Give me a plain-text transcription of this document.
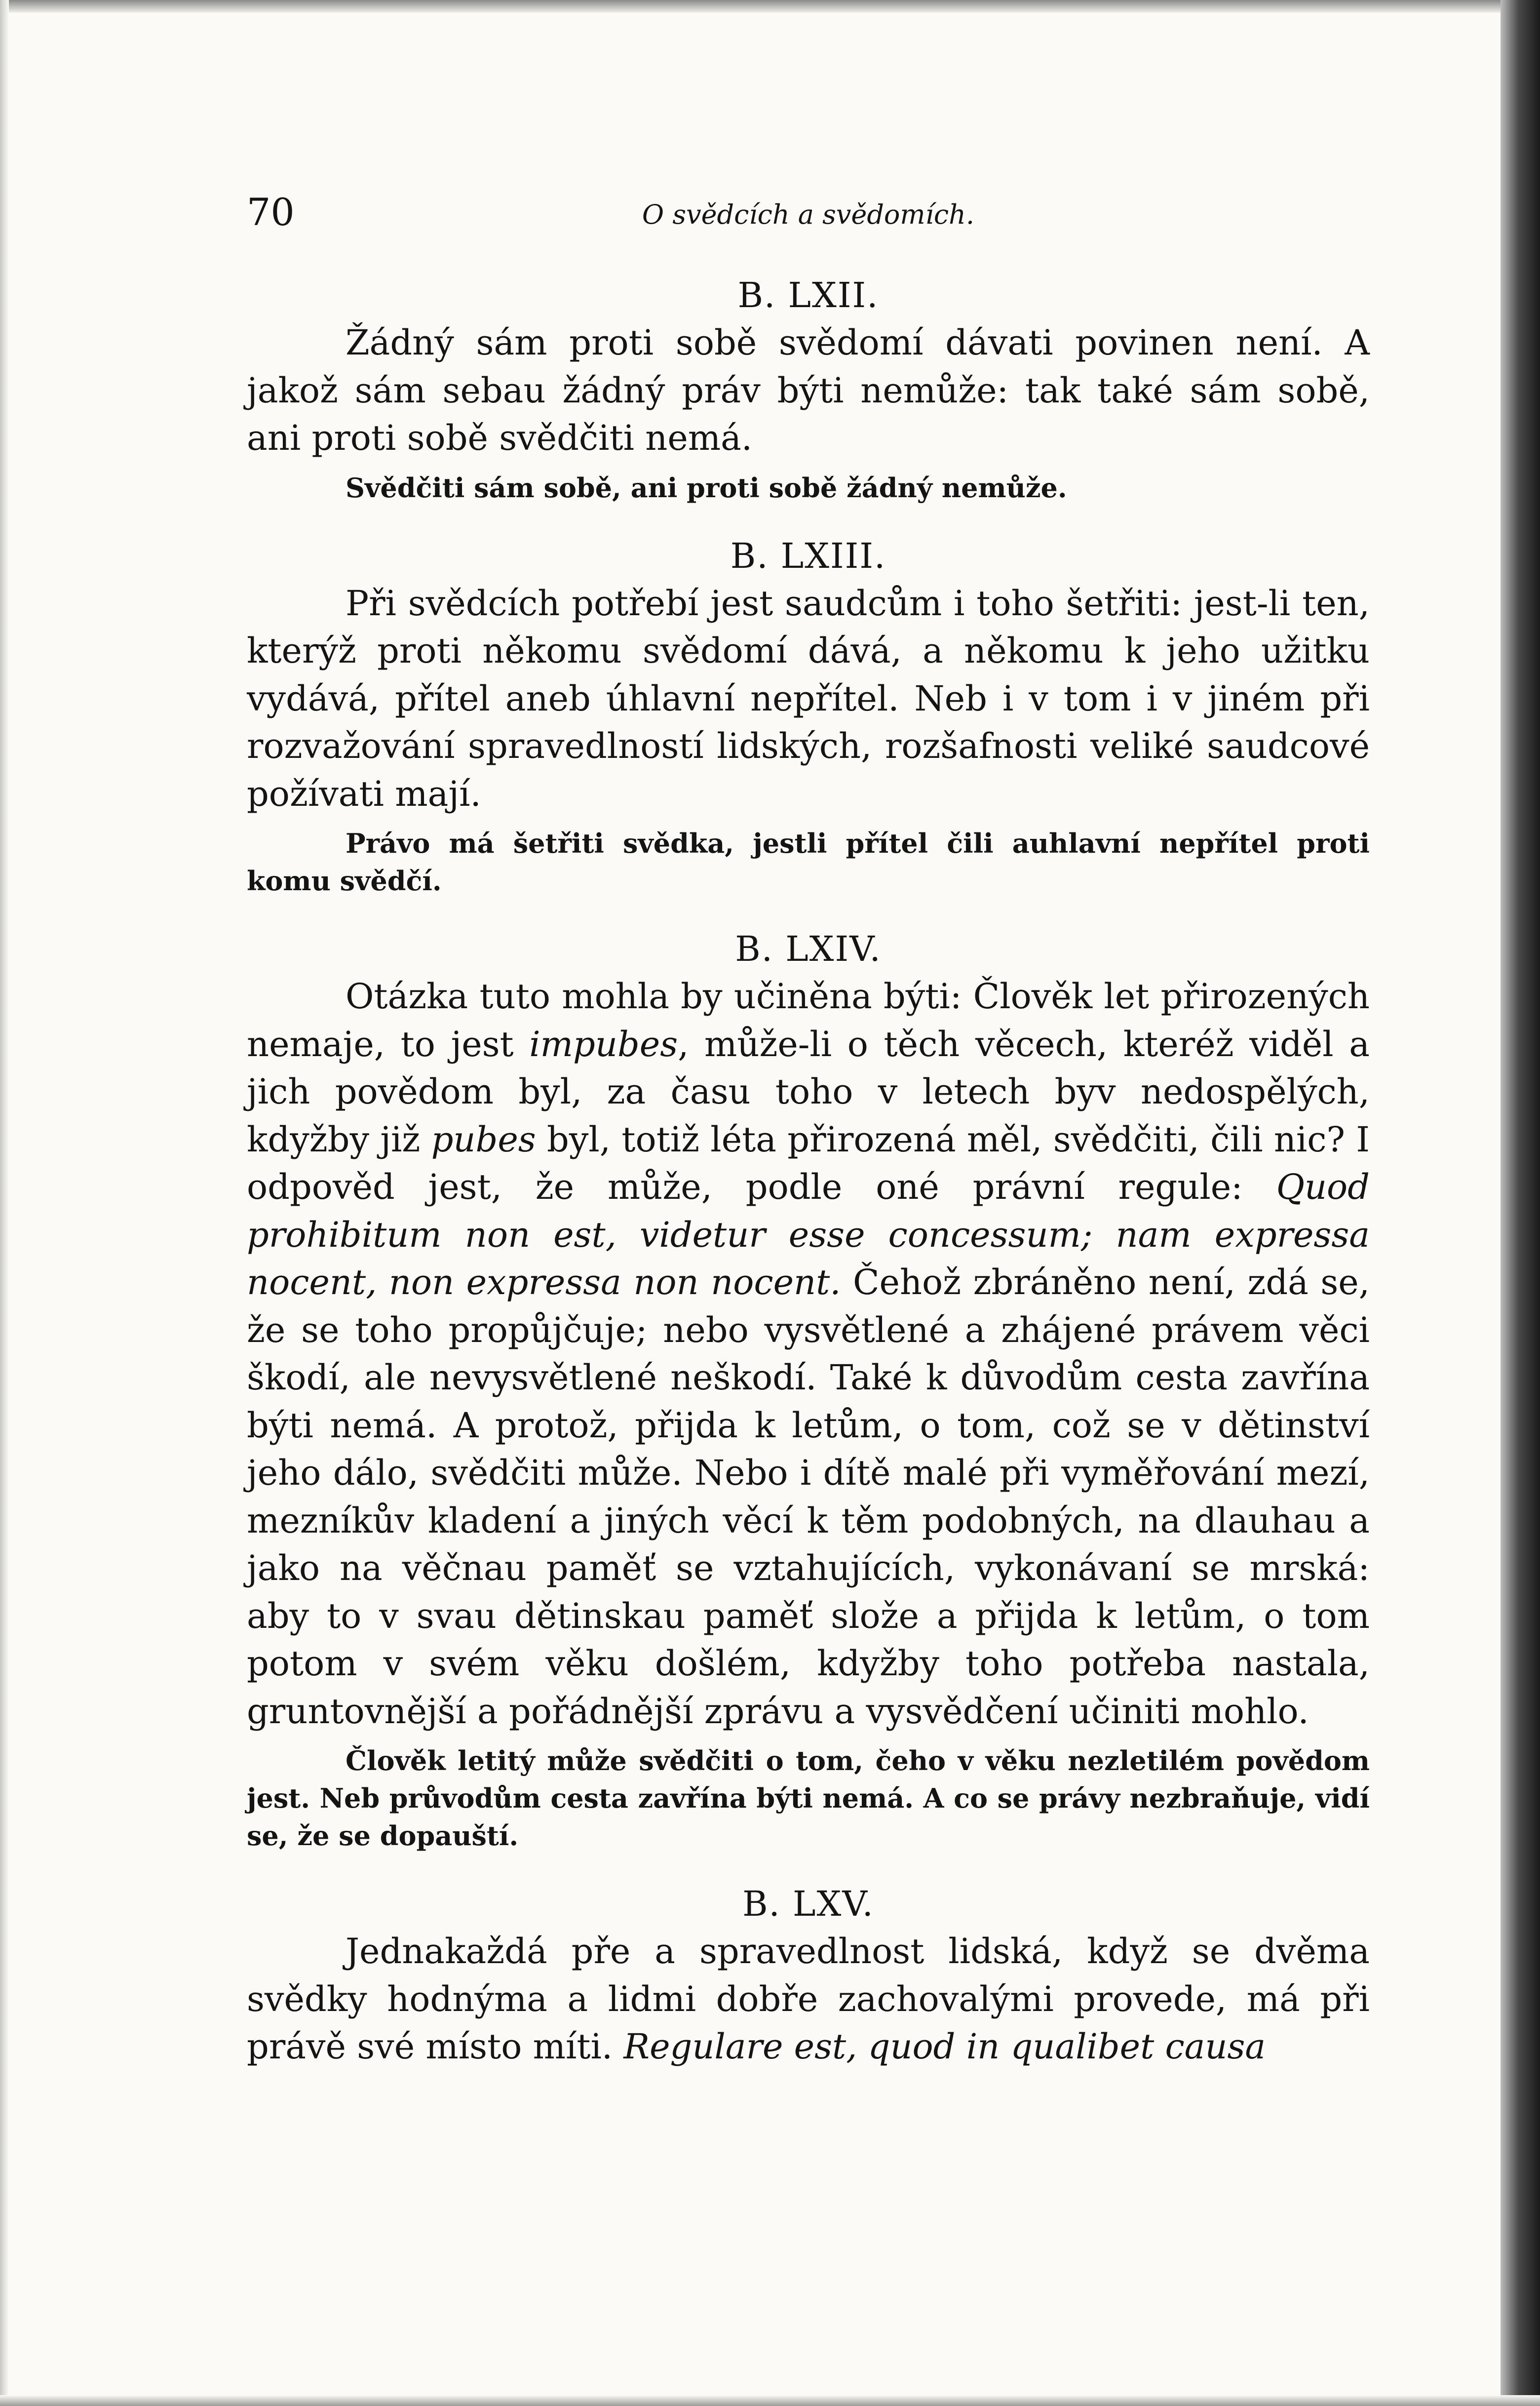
70	O svědcích a svědomích.
B. LXII.

Žádný sám proti sobě svědomí dávati povinen není. A jakož sám sebau žádný práv býti nemůže: tak také sám sobě, ani proti sobě svědčiti nemá.

Svědčiti sám sobě, ani proti sobě žádný nemůže.

B. LXIII.

Při svědcích potřebí jest saudcům i toho šetřiti: jest-li ten, kterýž proti někomu svědomí dává, a někomu k jeho užitku vydává, přítel aneb úhlavní nepřítel. Neb i v tom i v jiném při rozvažování spravedlností lidských, rozšafnosti veliké saudcové požívati mají.

Právo má šetřiti svědka, jestli přítel čili auhlavní nepřítel proti komu svědčí.

B. LXIV.

Otázka tuto mohla by učiněna býti: Člověk let přirozených nemaje, to jest impubes, může-li o těch věcech, kteréž viděl a jich povědom byl, za času toho v letech byv nedospělých, kdyžby již pubes byl, totiž léta přirozená měl, svědčiti, čili nic? I odpověd jest, že může, podle oné právní regule: Quod prohibitum non est, videtur esse concessum; nam expressa nocent, non expressa non nocent. Čehož zbráněno není, zdá se, že se toho propůjčuje; nebo vysvětlené a zhájené právem věci škodí, ale nevysvětlené neškodí. Také k důvodům cesta zavřína býti nemá. A protož, přijda k letům, o tom, což se v dětinství jeho dálo, svědčiti může. Nebo i dítě malé při vyměřování mezí, mezníkův kladení a jiných věcí k těm podobných, na dlauhau a jako na věčnau paměť se vztahujících, vykonávaní se mrská: aby to v svau dětinskau paměť slože a přijda k letům, o tom potom v svém věku došlém, kdyžby toho potřeba nastala, gruntovnější a pořádnější zprávu a vysvědčení učiniti mohlo.

Člověk letitý může svědčiti o tom, čeho v věku nezletilém povědom jest. Neb průvodům cesta zavřína býti nemá. A co se právy nezbraňuje, vidí se, že se dopauští.

B. LXV.

Jednakaždá pře a spravedlnost lidská, když se dvěma svědky hodnýma a lidmi dobře zachovalými provede, má při právě své místo míti. Regulare est, quod in qualibet causa
